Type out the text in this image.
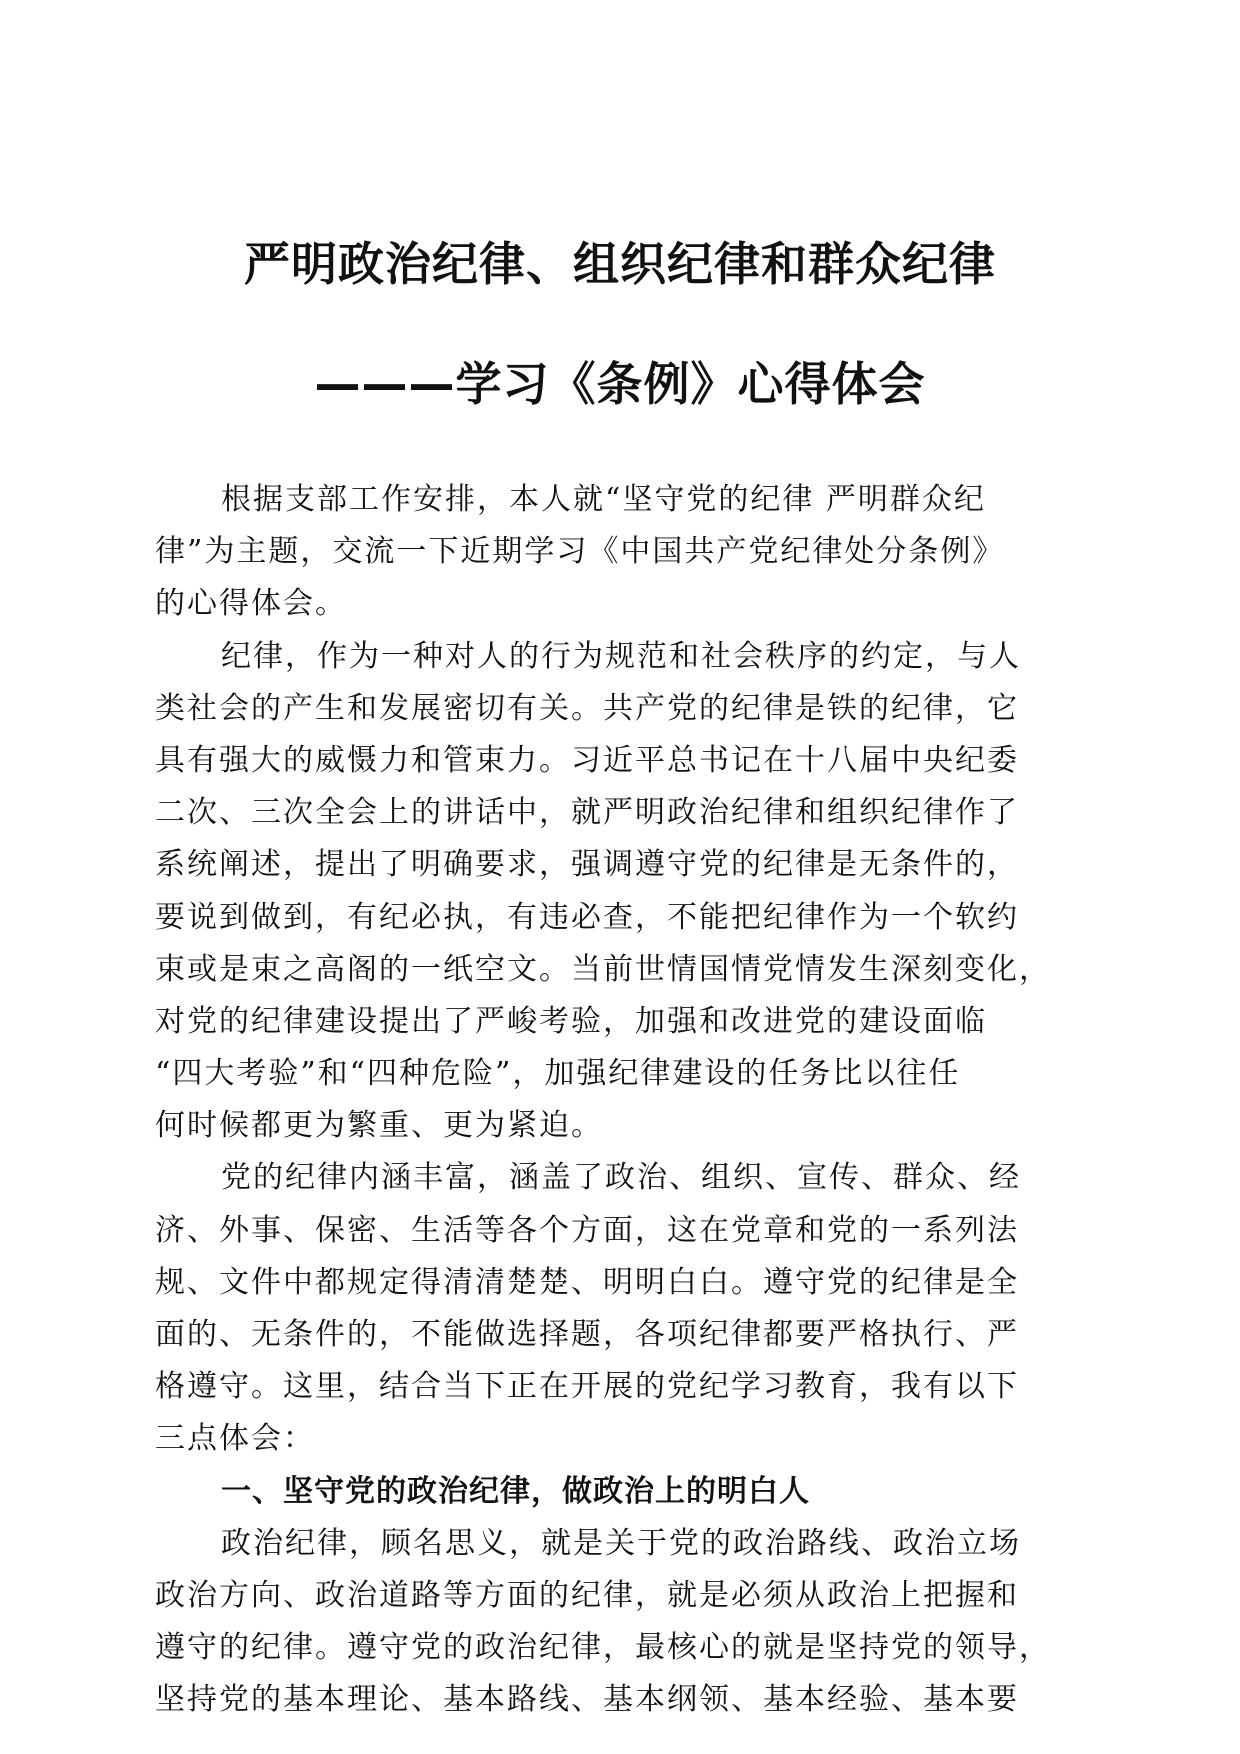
严明政治纪律、组织纪律和群众纪律
———学习《条例》心得体会
根据支部工作安排，本人就“坚守党的纪律 严明群众纪
律”为主题，交流一下近期学习《中国共产党纪律处分条例》
的心得体会。
纪律，作为一种对人的行为规范和社会秩序的约定，与人
类社会的产生和发展密切有关。共产党的纪律是铁的纪律，它
具有强大的威慑力和管束力。习近平总书记在十八届中央纪委
二次、三次全会上的讲话中，就严明政治纪律和组织纪律作了
系统阐述，提出了明确要求，强调遵守党的纪律是无条件的，
要说到做到，有纪必执，有违必查，不能把纪律作为一个软约
束或是束之高阁的一纸空文。当前世情国情党情发生深刻变化，
对党的纪律建设提出了严峻考验，加强和改进党的建设面临
“四大考验”和“四种危险”，加强纪律建设的任务比以往任
何时候都更为繁重、更为紧迫。
党的纪律内涵丰富，涵盖了政治、组织、宣传、群众、经
济、外事、保密、生活等各个方面，这在党章和党的一系列法
规、文件中都规定得清清楚楚、明明白白。遵守党的纪律是全
面的、无条件的，不能做选择题，各项纪律都要严格执行、严
格遵守。这里，结合当下正在开展的党纪学习教育，我有以下
三点体会：
一、坚守党的政治纪律，做政治上的明白人
政治纪律，顾名思义，就是关于党的政治路线、政治立场
政治方向、政治道路等方面的纪律，就是必须从政治上把握和
遵守的纪律。遵守党的政治纪律，最核心的就是坚持党的领导，
坚持党的基本理论、基本路线、基本纲领、基本经验、基本要
